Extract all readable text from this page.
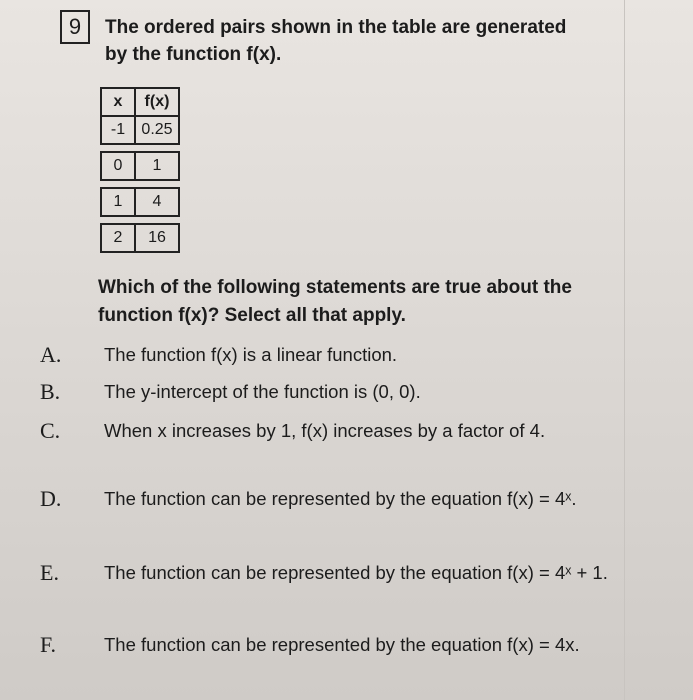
9	The ordered pairs shown in the table are generated by the function f(x).
x	f(x)
-1	0.25

0	1

1	4

2	16
Which of the following statements are true about the function f(x)? Select all that apply.
A.	The function f(x) is a linear function.
B.	The y-intercept of the function is (0, 0).
C.	When x increases by 1, f(x) increases by a factor of 4.
D.	The function can be represented by the equation f(x) = 4ˣ.
E.	The function can be represented by the equation f(x) = 4ˣ + 1.
F.	The function can be represented by the equation f(x) = 4x.
